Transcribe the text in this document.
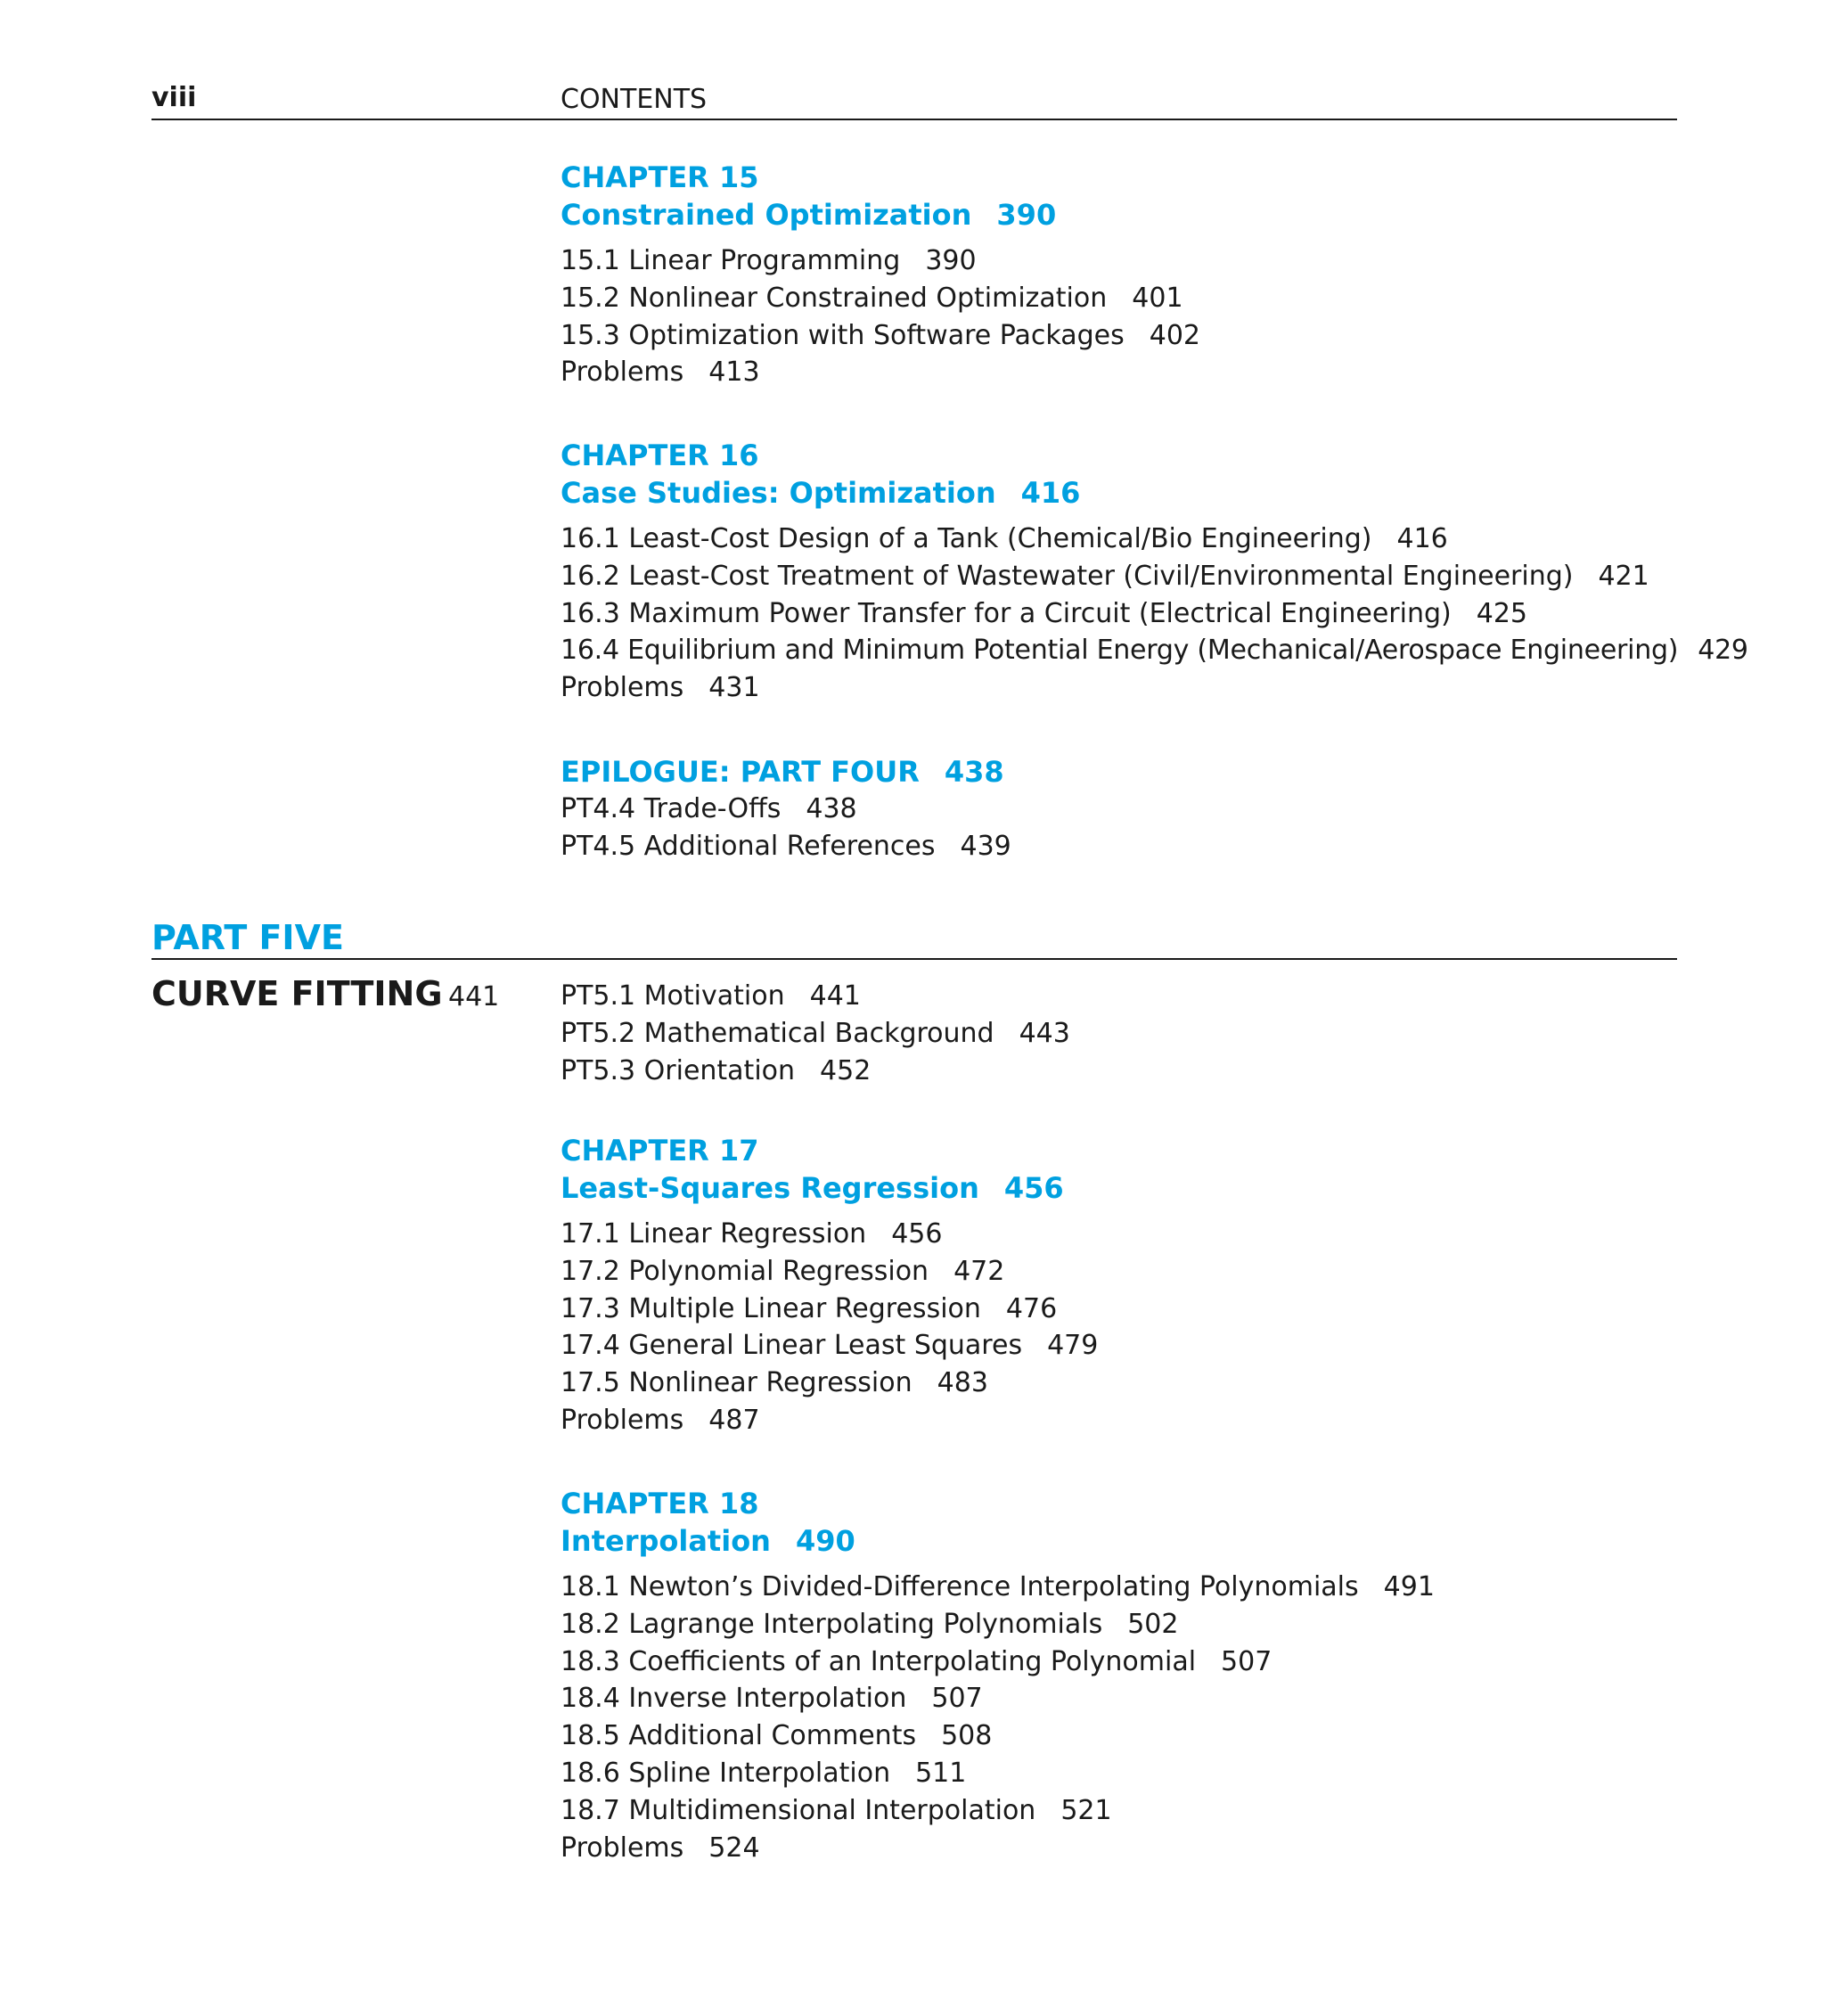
viii	CONTENTS
CHAPTER 15
Constrained Optimization 390
15.1 Linear Programming 390
15.2 Nonlinear Constrained Optimization 401
15.3 Optimization with Software Packages 402
Problems 413
CHAPTER 16
Case Studies: Optimization 416
16.1 Least-Cost Design of a Tank (Chemical/Bio Engineering) 416
16.2 Least-Cost Treatment of Wastewater (Civil/Environmental Engineering) 421
16.3 Maximum Power Transfer for a Circuit (Electrical Engineering) 425
16.4 Equilibrium and Minimum Potential Energy (Mechanical/Aerospace Engineering) 429
Problems 431
EPILOGUE: PART FOUR 438
PT4.4 Trade-Offs 438
PT4.5 Additional References 439
PART FIVE
CURVE FITTING 441 PT5.1 Motivation 441
PT5.2 Mathematical Background 443
PT5.3 Orientation 452
CHAPTER 17
Least-Squares Regression 456
17.1 Linear Regression 456
17.2 Polynomial Regression 472
17.3 Multiple Linear Regression 476
17.4 General Linear Least Squares 479
17.5 Nonlinear Regression 483
Problems 487
CHAPTER 18
Interpolation 490
18.1 Newton’s Divided-Difference Interpolating Polynomials 491
18.2 Lagrange Interpolating Polynomials 502
18.3 Coefficients of an Interpolating Polynomial 507
18.4 Inverse Interpolation 507
18.5 Additional Comments 508
18.6 Spline Interpolation 511
18.7 Multidimensional Interpolation 521
Problems 524
